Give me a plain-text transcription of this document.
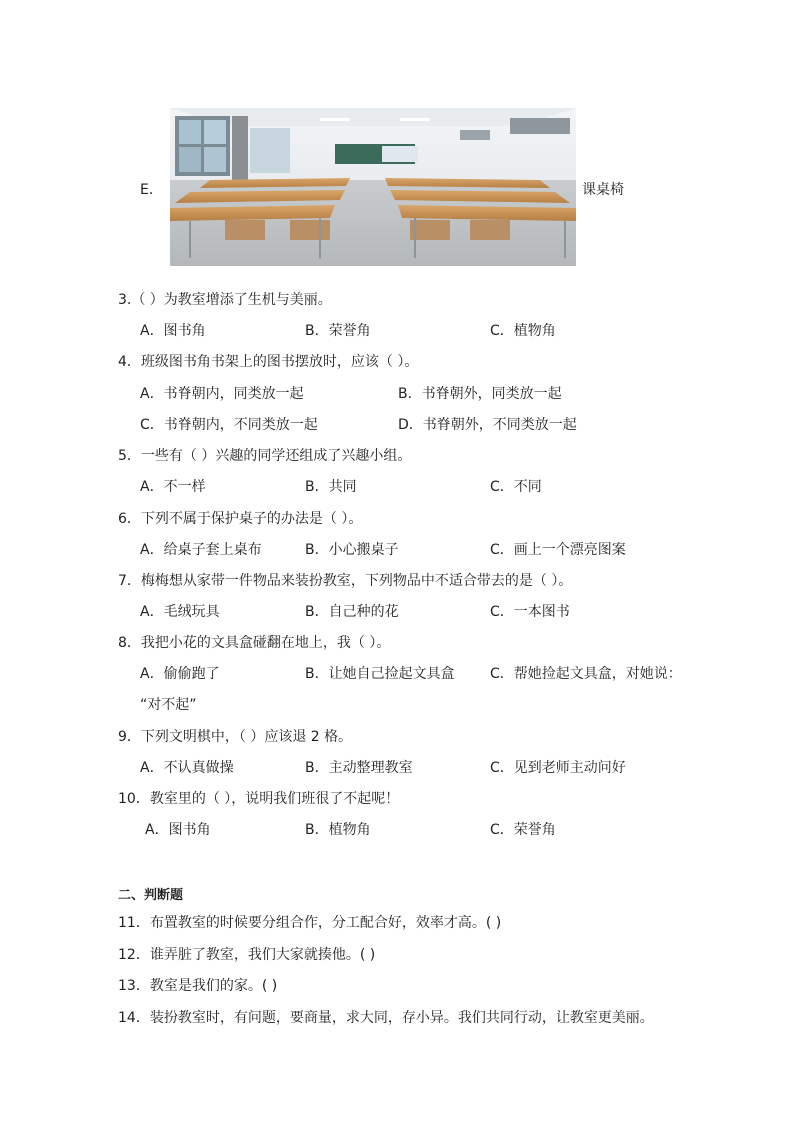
E．	课桌椅
3.（ ）为教室增添了生机与美丽。
A．图书角	B．荣誉角	C．植物角
4．班级图书角书架上的图书摆放时，应该（ ）。
A．书脊朝内，同类放一起	B．书脊朝外，同类放一起
C．书脊朝内，不同类放一起	D．书脊朝外，不同类放一起
5．一些有（ ）兴趣的同学还组成了兴趣小组。
A．不一样	B．共同	C．不同
6．下列不属于保护桌子的办法是（ ）。
A．给桌子套上桌布	B．小心搬桌子	C．画上一个漂亮图案
7．梅梅想从家带一件物品来装扮教室，下列物品中不适合带去的是（ ）。
A．毛绒玩具	B．自己种的花	C．一本图书
8．我把小花的文具盒碰翻在地上，我（ ）。
A．偷偷跑了	B．让她自己捡起文具盒	C．帮她捡起文具盒，对她说：
“对不起”
9．下列文明棋中，（ ）应该退 2 格。
A．不认真做操	B．主动整理教室	C．见到老师主动问好
10．教室里的（ ），说明我们班很了不起呢！
A．图书角	B．植物角	C．荣誉角
二、判断题
11．布置教室的时候要分组合作，分工配合好，效率才高。( )
12．谁弄脏了教室，我们大家就揍他。( )
13．教室是我们的家。( )
14．装扮教室时，有问题，要商量，求大同，存小异。我们共同行动，让教室更美丽。
